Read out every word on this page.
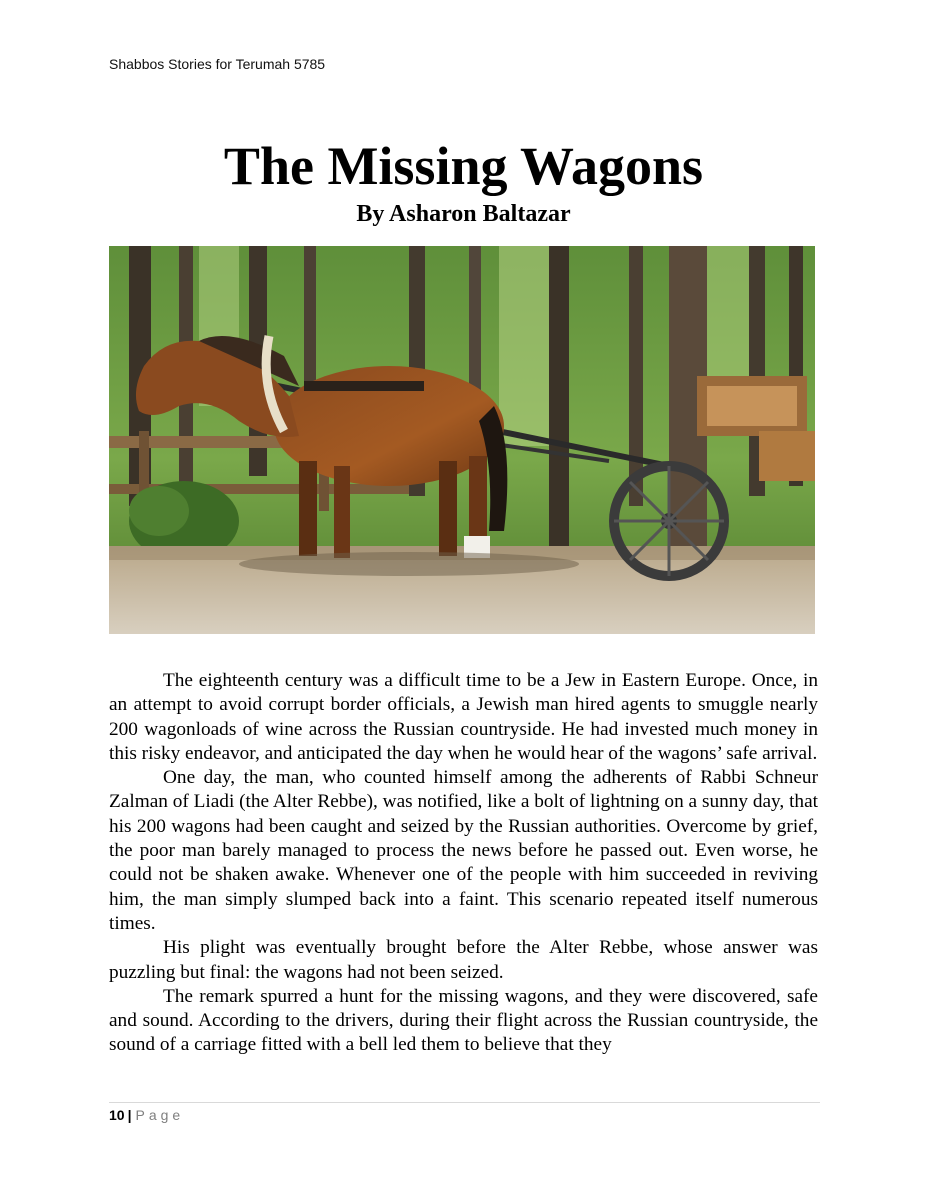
Shabbos Stories for Terumah 5785
The Missing Wagons
By Asharon Baltazar

The eighteenth century was a difficult time to be a Jew in Eastern Europe. Once, in an attempt to avoid corrupt border officials, a Jewish man hired agents to smuggle nearly 200 wagonloads of wine across the Russian countryside. He had invested much money in this risky endeavor, and anticipated the day when he would hear of the wagons’ safe arrival.

One day, the man, who counted himself among the adherents of Rabbi Schneur Zalman of Liadi (the Alter Rebbe), was notified, like a bolt of lightning on a sunny day, that his 200 wagons had been caught and seized by the Russian authorities. Overcome by grief, the poor man barely managed to process the news before he passed out. Even worse, he could not be shaken awake. Whenever one of the people with him succeeded in reviving him, the man simply slumped back into a faint. This scenario repeated itself numerous times.

His plight was eventually brought before the Alter Rebbe, whose answer was puzzling but final: the wagons had not been seized.

The remark spurred a hunt for the missing wagons, and they were discovered, safe and sound. According to the drivers, during their flight across the Russian countryside, the sound of a carriage fitted with a bell led them to believe that they

10 | Page
